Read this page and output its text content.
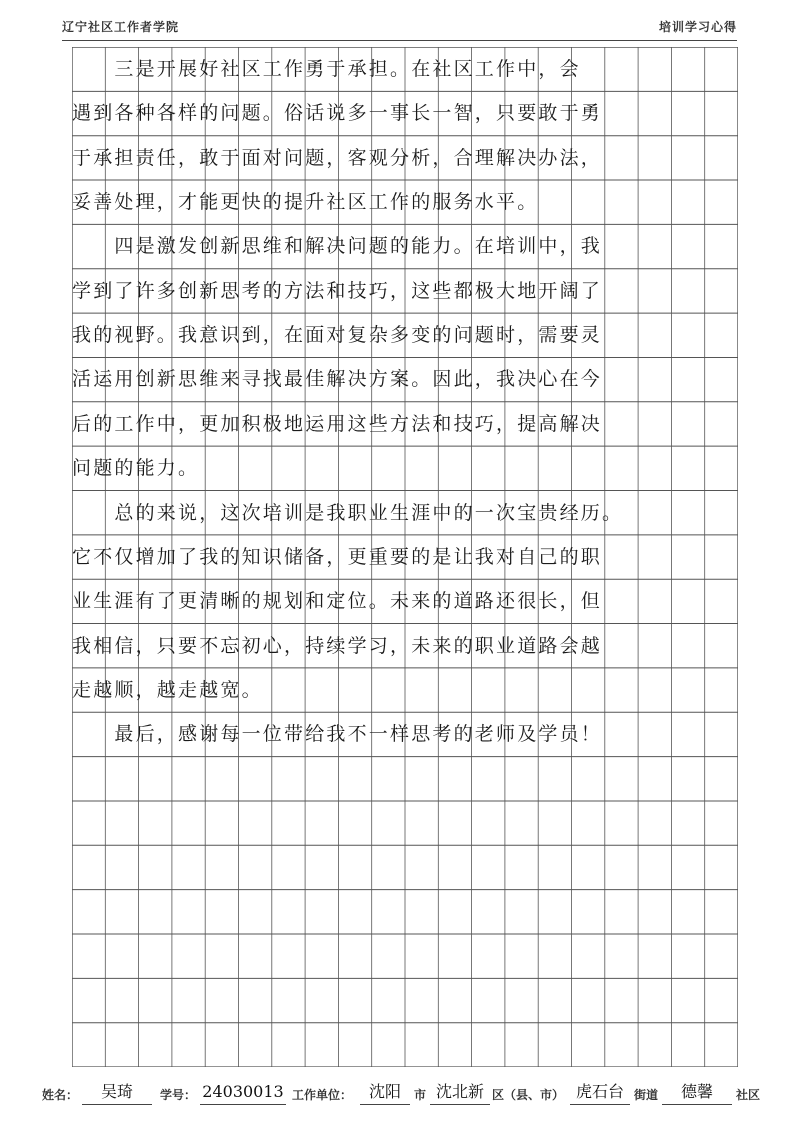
辽宁社区工作者学院	培训学习心得
　　三是开展好社区工作勇于承担。在社区工作中，会
遇到各种各样的问题。俗话说多一事长一智，只要敢于勇
于承担责任，敢于面对问题，客观分析，合理解决办法，
妥善处理，才能更快的提升社区工作的服务水平。
　　四是激发创新思维和解决问题的能力。在培训中，我
学到了许多创新思考的方法和技巧，这些都极大地开阔了
我的视野。我意识到，在面对复杂多变的问题时，需要灵
活运用创新思维来寻找最佳解决方案。因此，我决心在今
后的工作中，更加积极地运用这些方法和技巧，提高解决
问题的能力。
　　总的来说，这次培训是我职业生涯中的一次宝贵经历。
它不仅增加了我的知识储备，更重要的是让我对自己的职
业生涯有了更清晰的规划和定位。未来的道路还很长，但
我相信，只要不忘初心，持续学习，未来的职业道路会越
走越顺，越走越宽。
　　最后，感谢每一位带给我不一样思考的老师及学员！
姓名：	吴琦	学号： 24030013 工作单位：	沈阳	市 沈北新 区（县、市） 虎石台 街道	德馨	社区
